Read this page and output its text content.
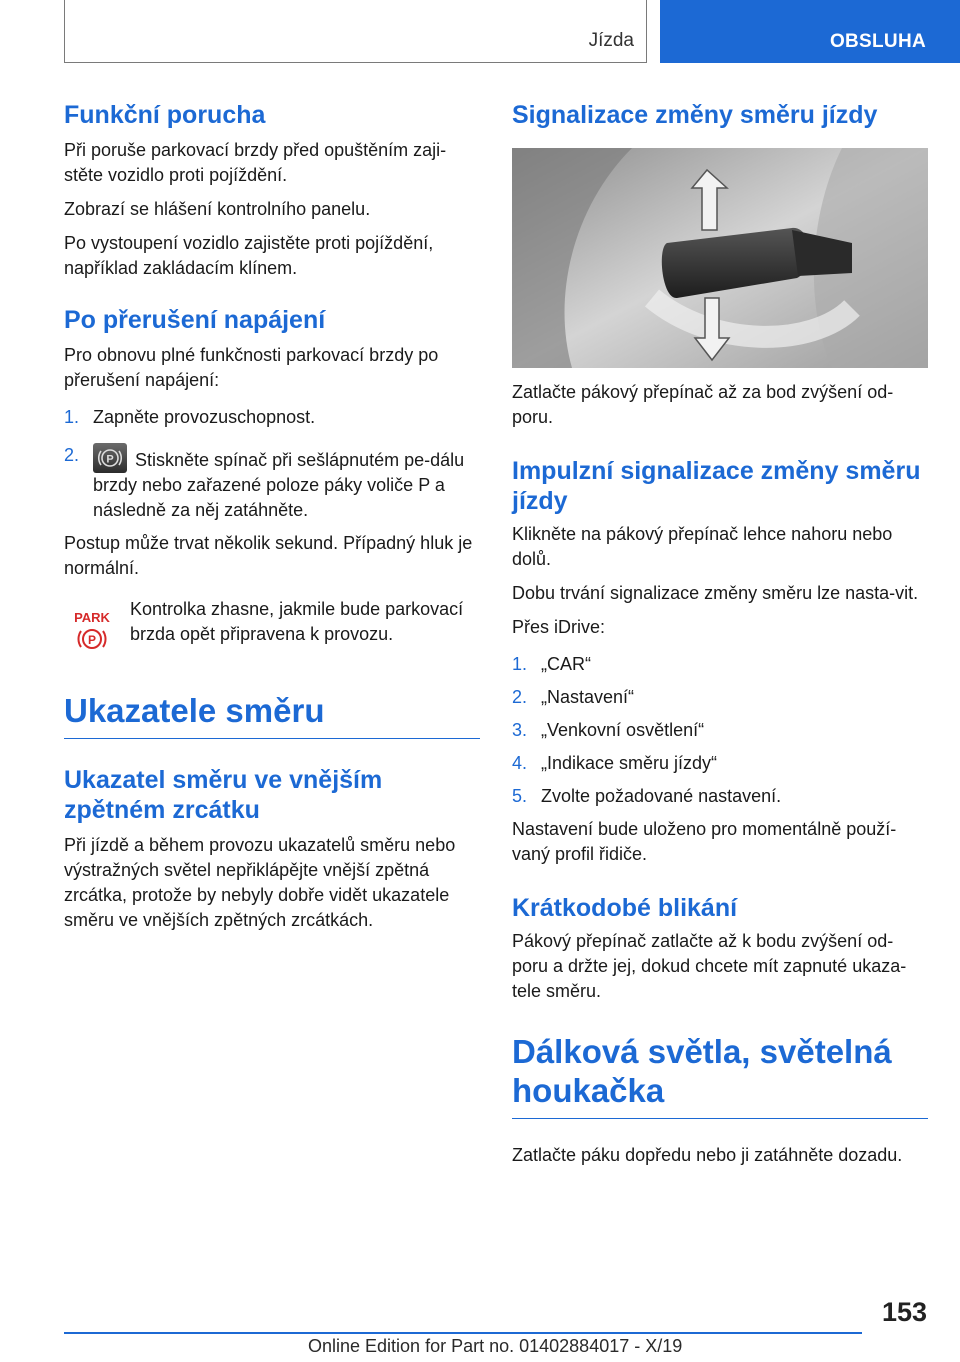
Jízda	OBSLUHA
Funkční porucha

Při poruše parkovací brzdy před opuštěním zaji-stěte vozidlo proti pojíždění.

Zobrazí se hlášení kontrolního panelu.

Po vystoupení vozidlo zajistěte proti pojíždění, například zakládacím klínem.

Po přerušení napájení

Pro obnovu plné funkčnosti parkovací brzdy po přerušení napájení:

1. Zapněte provozuschopnost.
2. P Stiskněte spínač při sešlápnutém pe-dálu brzdy nebo zařazené poloze páky voliče P a následně za něj zatáhněte.

Postup může trvat několik sekund. Případný hluk je normální.

PARK
P

Kontrolka zhasne, jakmile bude parkovací brzda opět připravena k provozu.

Ukazatele směru
Ukazatel směru ve vnějším zpětném zrcátku

Při jízdě a během provozu ukazatelů směru nebo výstražných světel nepřiklápějte vnější zpětná zrcátka, protože by nebyly dobře vidět ukazatele směru ve vnějších zpětných zrcátkách.

Signalizace změny směru jízdy

Zatlačte pákový přepínač až za bod zvýšení od-poru.

Impulzní signalizace změny směru jízdy

Klikněte na pákový přepínač lehce nahoru nebo dolů.

Dobu trvání signalizace změny směru lze nasta-vit.

Přes iDrive:

1. „CAR“
2. „Nastavení“
3. „Venkovní osvětlení“
4. „Indikace směru jízdy“
5. Zvolte požadované nastavení.

Nastavení bude uloženo pro momentálně použí-vaný profil řidiče.

Krátkodobé blikání

Pákový přepínač zatlačte až k bodu zvýšení od-poru a držte jej, dokud chcete mít zapnuté ukaza-tele směru.

Dálková světla, světelná houkačka

Zatlačte páku dopředu nebo ji zatáhněte dozadu.

153
Online Edition for Part no. 01402884017 - X/19
